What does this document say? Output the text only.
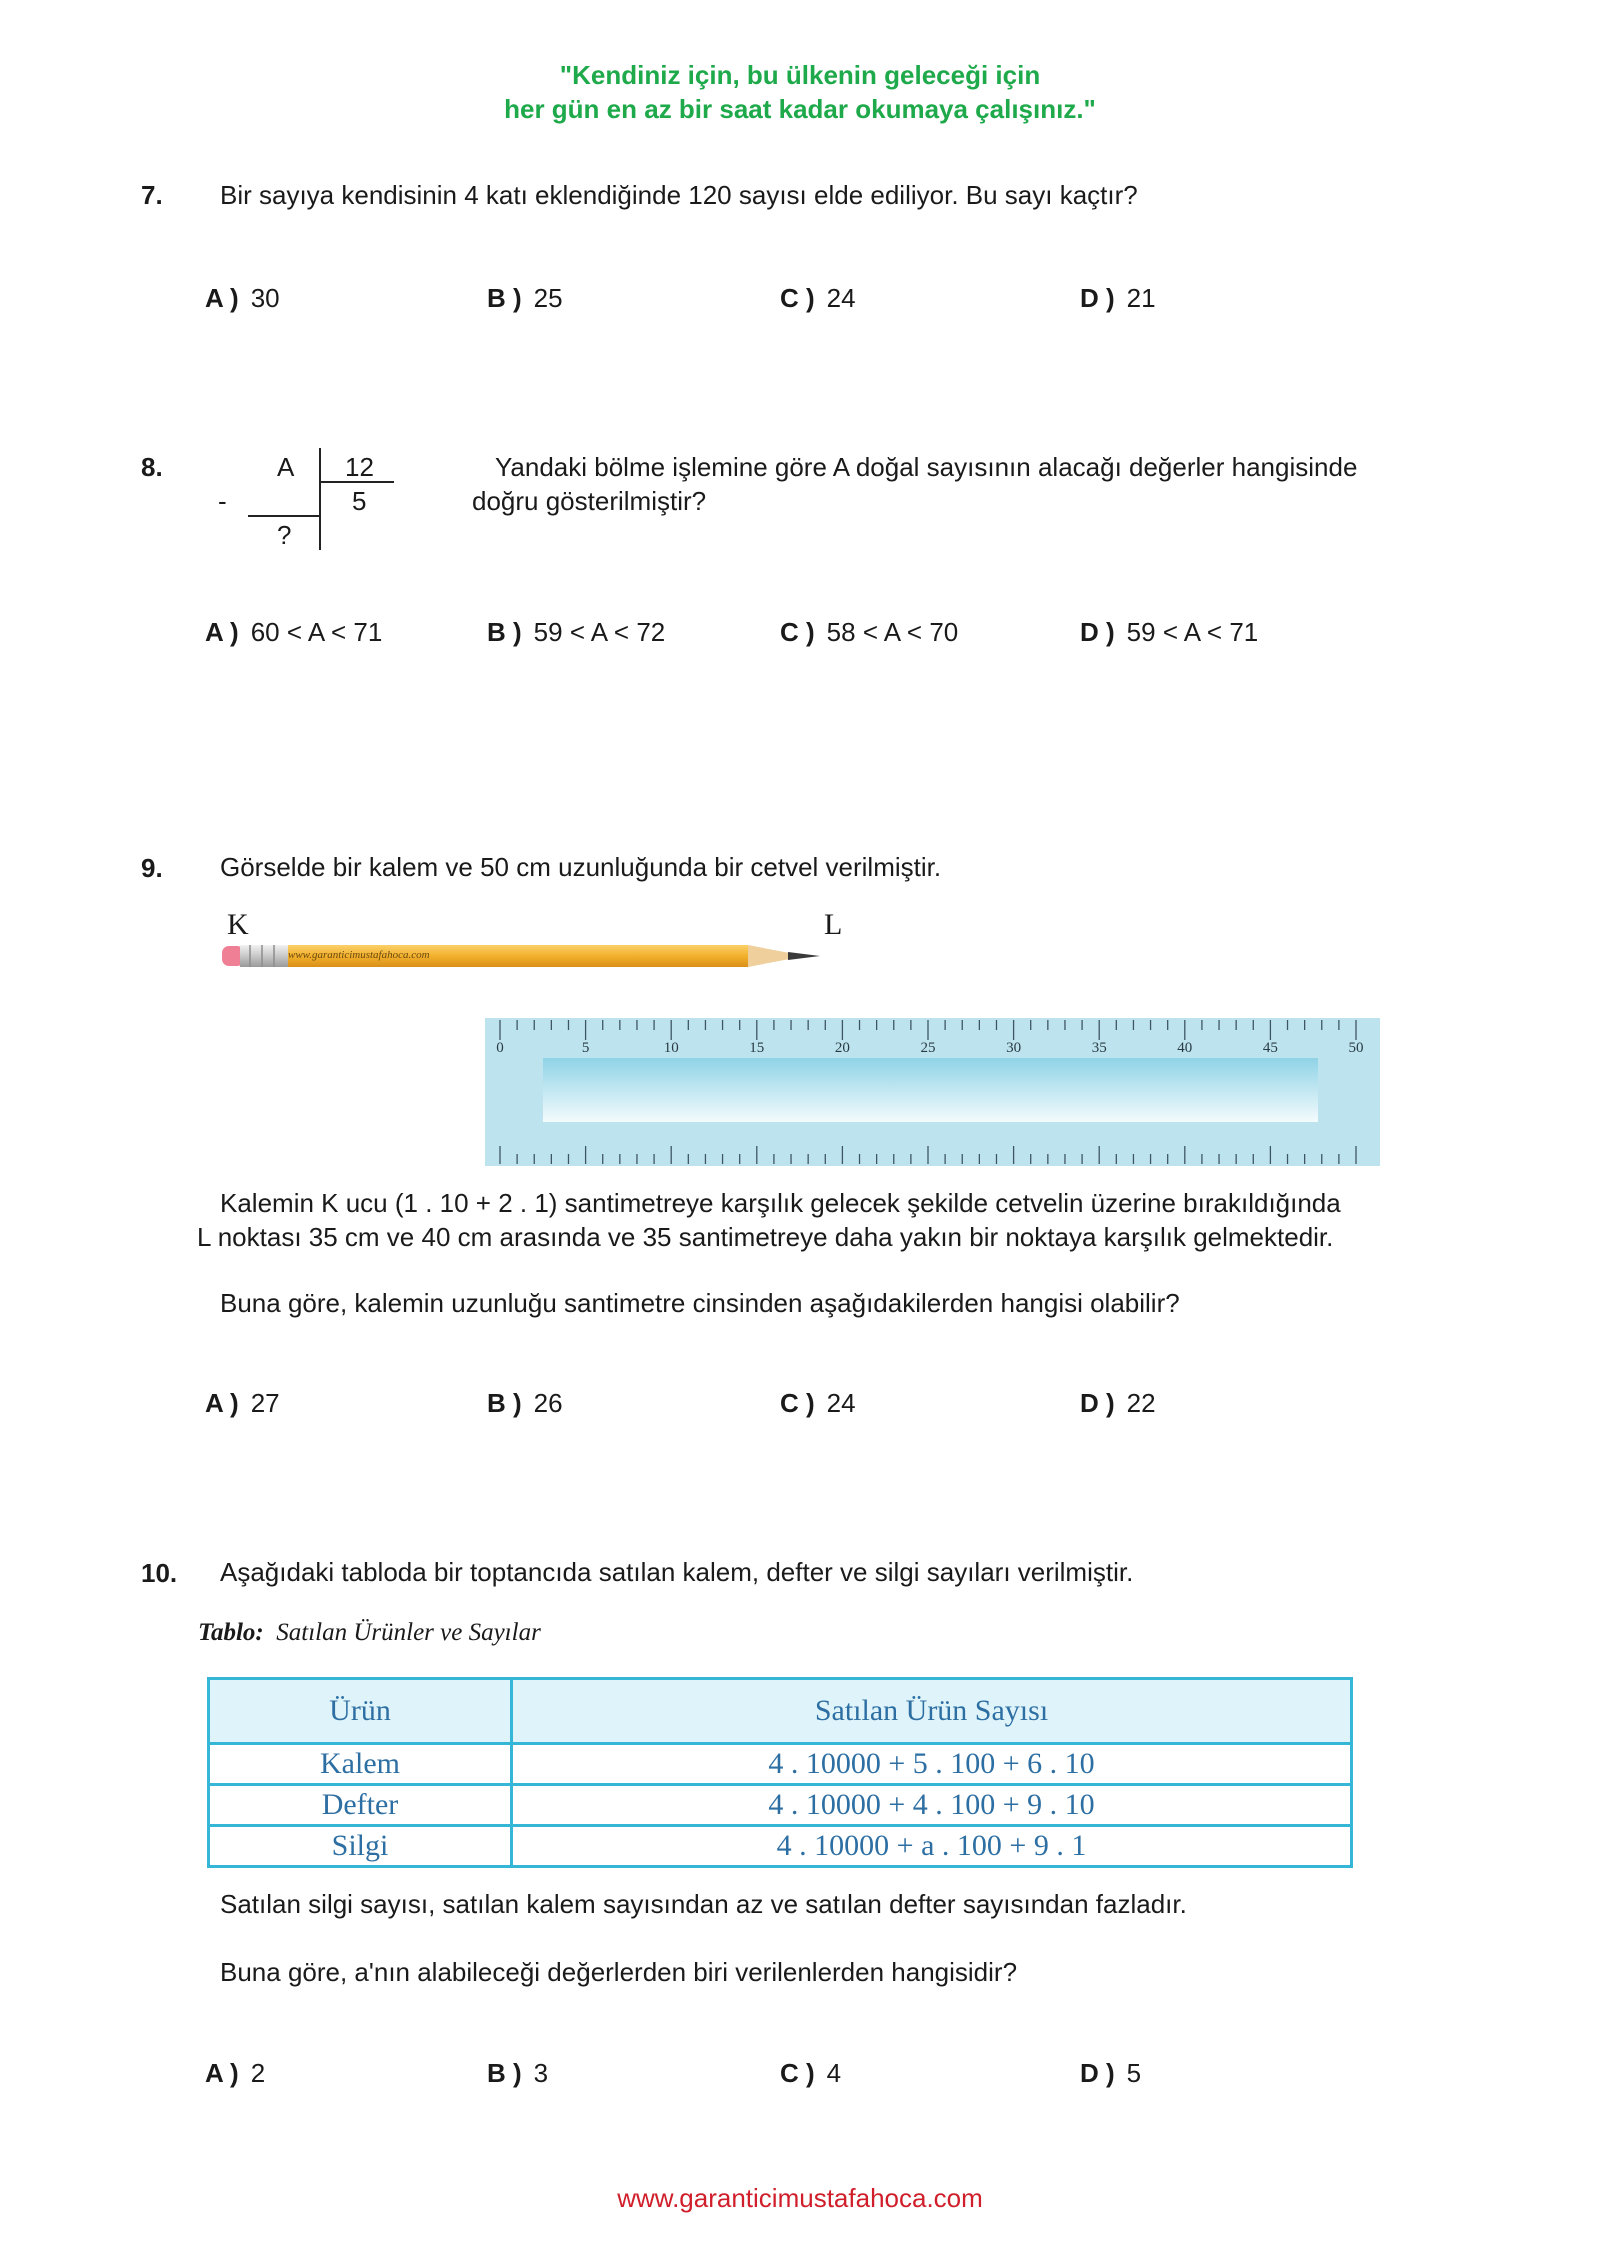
"Kendiniz için, bu ülkenin geleceği için
her gün en az bir saat kadar okumaya çalışınız."
7. Bir sayıya kendisinin 4 katı eklendiğinde 120 sayısı elde ediliyor. Bu sayı kaçtır?
A ) 30	B ) 25	C ) 24	D ) 21
8.	A 12
5
-
?
Yandaki bölme işlemine göre A doğal sayısının alacağı değerler hangisinde
doğru gösterilmiştir?
A ) 60 < A < 71	B ) 59 < A < 72	C ) 58 < A < 70	D ) 59 < A < 71
9. Görselde bir kalem ve 50 cm uzunluğunda bir cetvel verilmiştir.
K	L
www.garanticimustafahoca.com
0	5	10	15	20	25	30	35	40	45	50
Kalemin K ucu (1 . 10 + 2 . 1) santimetreye karşılık gelecek şekilde cetvelin üzerine bırakıldığında
L noktası 35 cm ve 40 cm arasında ve 35 santimetreye daha yakın bir noktaya karşılık gelmektedir.
Buna göre, kalemin uzunluğu santimetre cinsinden aşağıdakilerden hangisi olabilir?
A ) 27	B ) 26	C ) 24	D ) 22
10. Aşağıdaki tabloda bir toptancıda satılan kalem, defter ve silgi sayıları verilmiştir.
Tablo: Satılan Ürünler ve Sayılar
Ürün	Satılan Ürün Sayısı
Kalem	4 . 10000 + 5 . 100 + 6 . 10
Defter	4 . 10000 + 4 . 100 + 9 . 10
Silgi	4 . 10000 + a . 100 + 9 . 1
Satılan silgi sayısı, satılan kalem sayısından az ve satılan defter sayısından fazladır.
Buna göre, a'nın alabileceği değerlerden biri verilenlerden hangisidir?
A ) 2	B ) 3	C ) 4	D ) 5
www.garanticimustafahoca.com
